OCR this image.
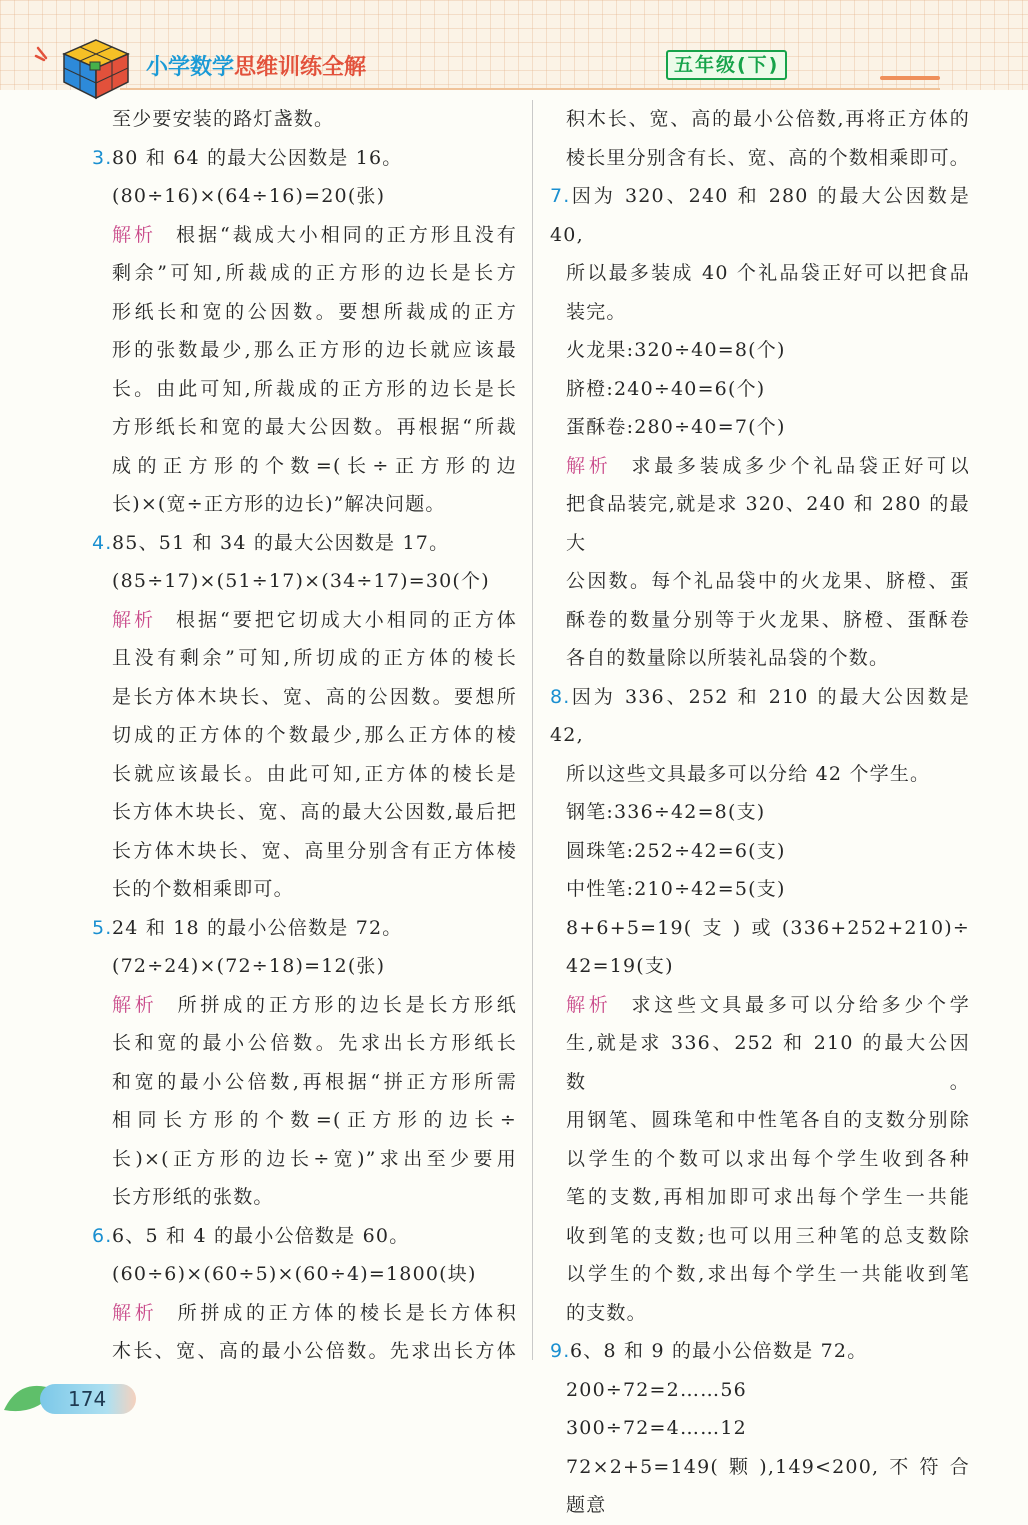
小学数学思维训练全解	五年级(下)
至少要安装的路灯盏数。
3.80 和 64 的最大公因数是 16。
(80÷16)×(64÷16)=20(张)
解析 根据“裁成大小相同的正方形且没有
剩余”可知,所裁成的正方形的边长是长方
形纸长和宽的公因数。要想所裁成的正方
形的张数最少,那么正方形的边长就应该最
长。由此可知,所裁成的正方形的边长是长
方形纸长和宽的最大公因数。再根据“所裁
成的正方形的个数=(长÷正方形的边
长)×(宽÷正方形的边长)”解决问题。
4.85、51 和 34 的最大公因数是 17。
(85÷17)×(51÷17)×(34÷17)=30(个)
解析 根据“要把它切成大小相同的正方体
且没有剩余”可知,所切成的正方体的棱长
是长方体木块长、宽、高的公因数。要想所
切成的正方体的个数最少,那么正方体的棱
长就应该最长。由此可知,正方体的棱长是
长方体木块长、宽、高的最大公因数,最后把
长方体木块长、宽、高里分别含有正方体棱
长的个数相乘即可。
5.24 和 18 的最小公倍数是 72。
(72÷24)×(72÷18)=12(张)
解析 所拼成的正方形的边长是长方形纸
长和宽的最小公倍数。先求出长方形纸长
和宽的最小公倍数,再根据“拼正方形所需
相同长方形的个数=(正方形的边长÷
长)×(正方形的边长÷宽)”求出至少要用
长方形纸的张数。
6.6、5 和 4 的最小公倍数是 60。
(60÷6)×(60÷5)×(60÷4)=1800(块)
解析 所拼成的正方体的棱长是长方体积
木长、宽、高的最小公倍数。先求出长方体
积木长、宽、高的最小公倍数,再将正方体的
棱长里分别含有长、宽、高的个数相乘即可。
7.因为 320、240 和 280 的最大公因数是 40,
所以最多装成 40 个礼品袋正好可以把食品
装完。
火龙果:320÷40=8(个)
脐橙:240÷40=6(个)
蛋酥卷:280÷40=7(个)
解析 求最多装成多少个礼品袋正好可以
把食品装完,就是求 320、240 和 280 的最大
公因数。每个礼品袋中的火龙果、脐橙、蛋
酥卷的数量分别等于火龙果、脐橙、蛋酥卷
各自的数量除以所装礼品袋的个数。
8.因为 336、252 和 210 的最大公因数是 42,
所以这些文具最多可以分给 42 个学生。
钢笔:336÷42=8(支)
圆珠笔:252÷42=6(支)
中性笔:210÷42=5(支)
8+6+5=19(支)或(336+252+210)÷
42=19(支)
解析 求这些文具最多可以分给多少个学
生,就是求 336、252 和 210 的最大公因数。
用钢笔、圆珠笔和中性笔各自的支数分别除
以学生的个数可以求出每个学生收到各种
笔的支数,再相加即可求出每个学生一共能
收到笔的支数;也可以用三种笔的总支数除
以学生的个数,求出每个学生一共能收到笔
的支数。
9.6、8 和 9 的最小公倍数是 72。
200÷72=2……56
300÷72=4……12
72×2+5=149(颗),149<200,不符合
题意
174
